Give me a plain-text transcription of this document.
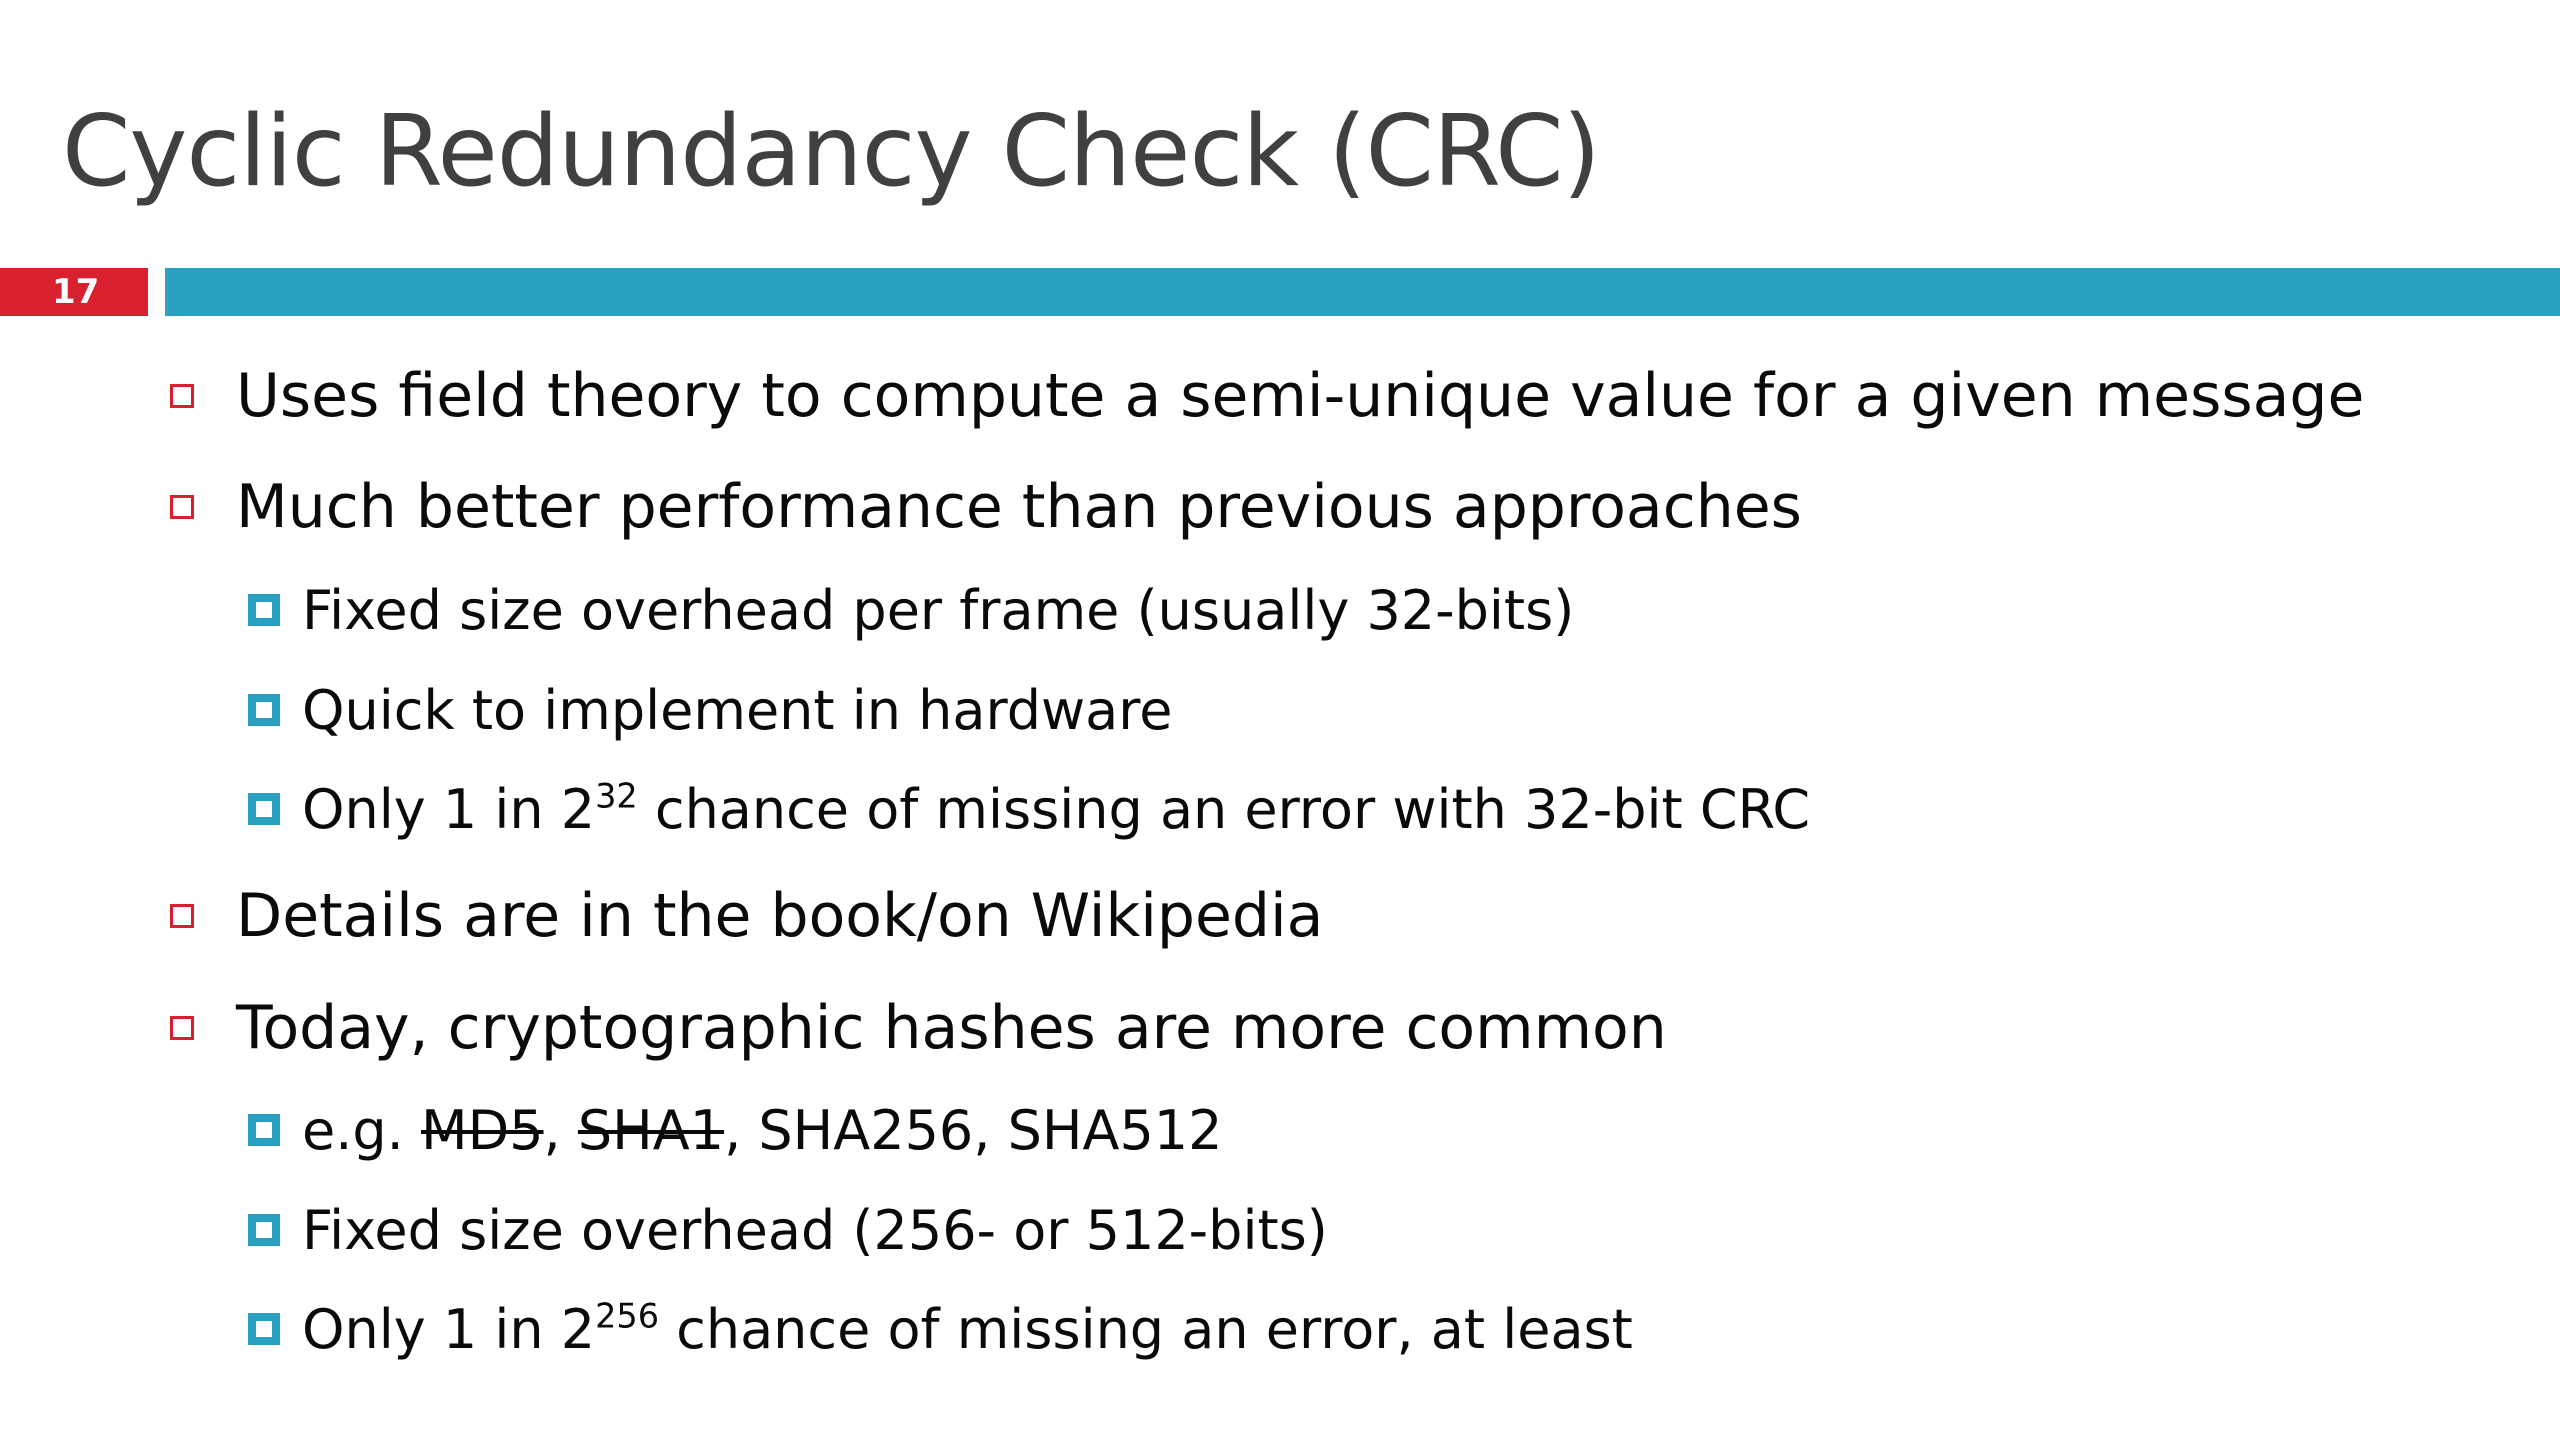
Cyclic Redundancy Check (CRC)
17
Uses field theory to compute a semi-unique value for a given message
Much better performance than previous approaches
Fixed size overhead per frame (usually 32-bits)
Quick to implement in hardware
Only 1 in $2^{32}$ chance of missing an error with 32-bit CRC
Details are in the book/on Wikipedia
Today, cryptographic hashes are more common
e.g. MD5, SHA1, SHA256, SHA512
Fixed size overhead (256- or 512-bits)
Only 1 in $2^{256}$ chance of missing an error, at least
